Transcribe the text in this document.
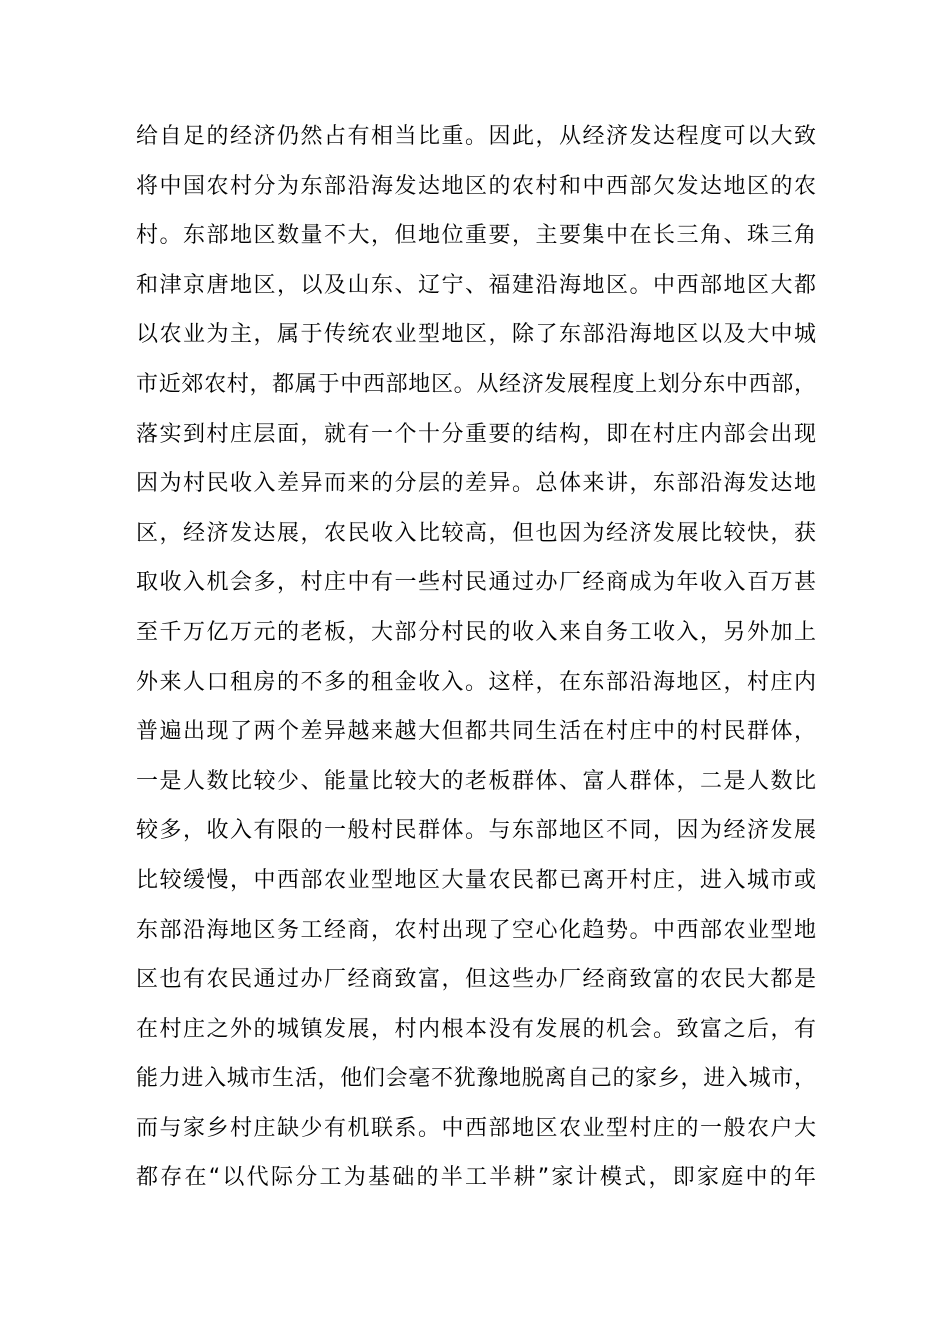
给自足的经济仍然占有相当比重。因此，从经济发达程度可以大致
将中国农村分为东部沿海发达地区的农村和中西部欠发达地区的农
村。东部地区数量不大，但地位重要，主要集中在长三角、珠三角
和津京唐地区，以及山东、辽宁、福建沿海地区。中西部地区大都
以农业为主，属于传统农业型地区，除了东部沿海地区以及大中城
市近郊农村，都属于中西部地区。从经济发展程度上划分东中西部，
落实到村庄层面，就有一个十分重要的结构，即在村庄内部会出现
因为村民收入差异而来的分层的差异。总体来讲，东部沿海发达地
区，经济发达展，农民收入比较高，但也因为经济发展比较快，获
取收入机会多，村庄中有一些村民通过办厂经商成为年收入百万甚
至千万亿万元的老板，大部分村民的收入来自务工收入，另外加上
外来人口租房的不多的租金收入。这样，在东部沿海地区，村庄内
普遍出现了两个差异越来越大但都共同生活在村庄中的村民群体，
一是人数比较少、能量比较大的老板群体、富人群体，二是人数比
较多，收入有限的一般村民群体。与东部地区不同，因为经济发展
比较缓慢，中西部农业型地区大量农民都已离开村庄，进入城市或
东部沿海地区务工经商，农村出现了空心化趋势。中西部农业型地
区也有农民通过办厂经商致富，但这些办厂经商致富的农民大都是
在村庄之外的城镇发展，村内根本没有发展的机会。致富之后，有
能力进入城市生活，他们会毫不犹豫地脱离自己的家乡，进入城市，
而与家乡村庄缺少有机联系。中西部地区农业型村庄的一般农户大
都存在“以代际分工为基础的半工半耕”家计模式，即家庭中的年
